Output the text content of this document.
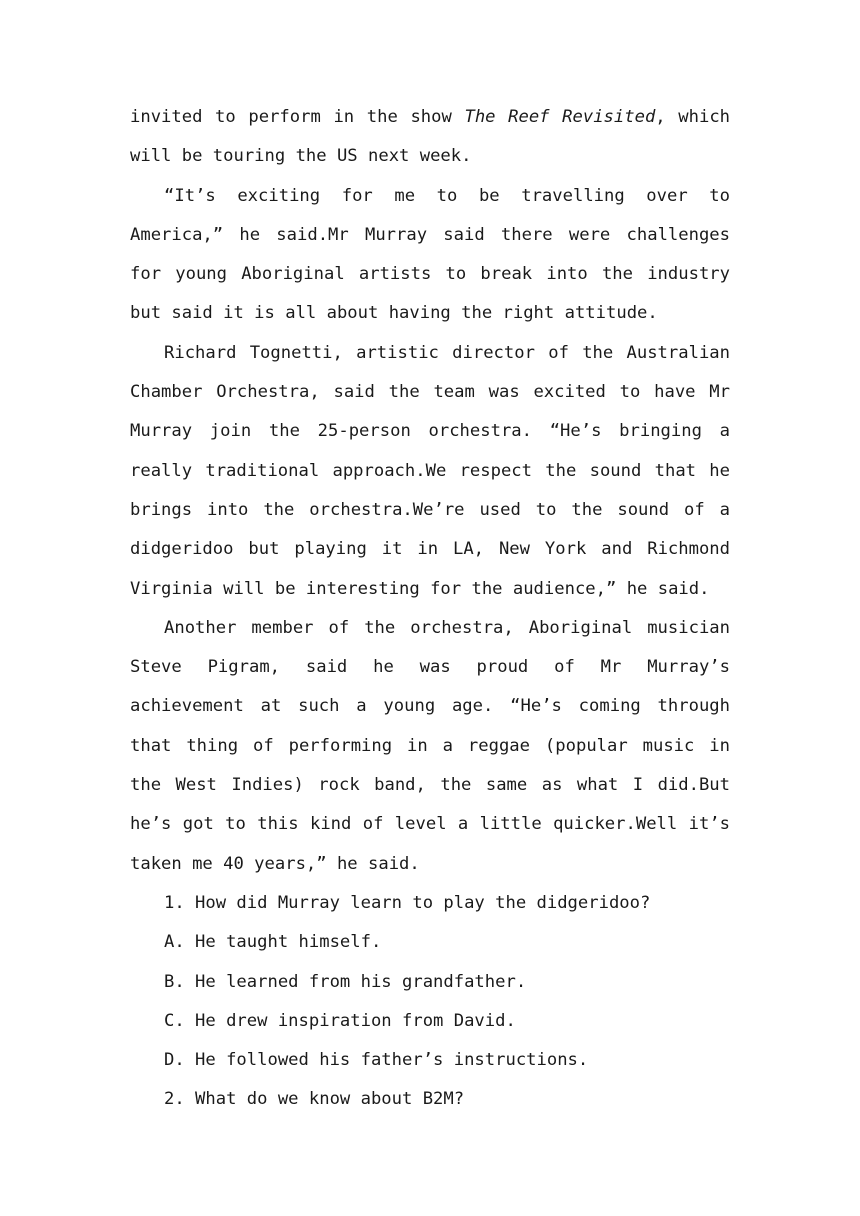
invited to perform in the show The Reef Revisited, which will be touring the US next week.

“It’s exciting for me to be travelling over to America,” he said.Mr Murray said there were challenges for young Aboriginal artists to break into the industry but said it is all about having the right attitude.

Richard Tognetti, artistic director of the Australian Chamber Orchestra, said the team was excited to have Mr Murray join the 25-person orchestra. “He’s bringing a really traditional approach.We respect the sound that he brings into the orchestra.We’re used to the sound of a didgeridoo but playing it in LA, New York and Richmond Virginia will be interesting for the audience,” he said.

Another member of the orchestra, Aboriginal musician Steve Pigram, said he was proud of Mr Murray’s achievement at such a young age. “He’s coming through that thing of performing in a reggae (popular music in the West Indies) rock band, the same as what I did.But he’s got to this kind of level a little quicker.Well it’s taken me 40 years,” he said.

1. How did Murray learn to play the didgeridoo?

A. He taught himself.

B. He learned from his grandfather.

C. He drew inspiration from David.

D. He followed his father’s instructions.

2. What do we know about B2M?
